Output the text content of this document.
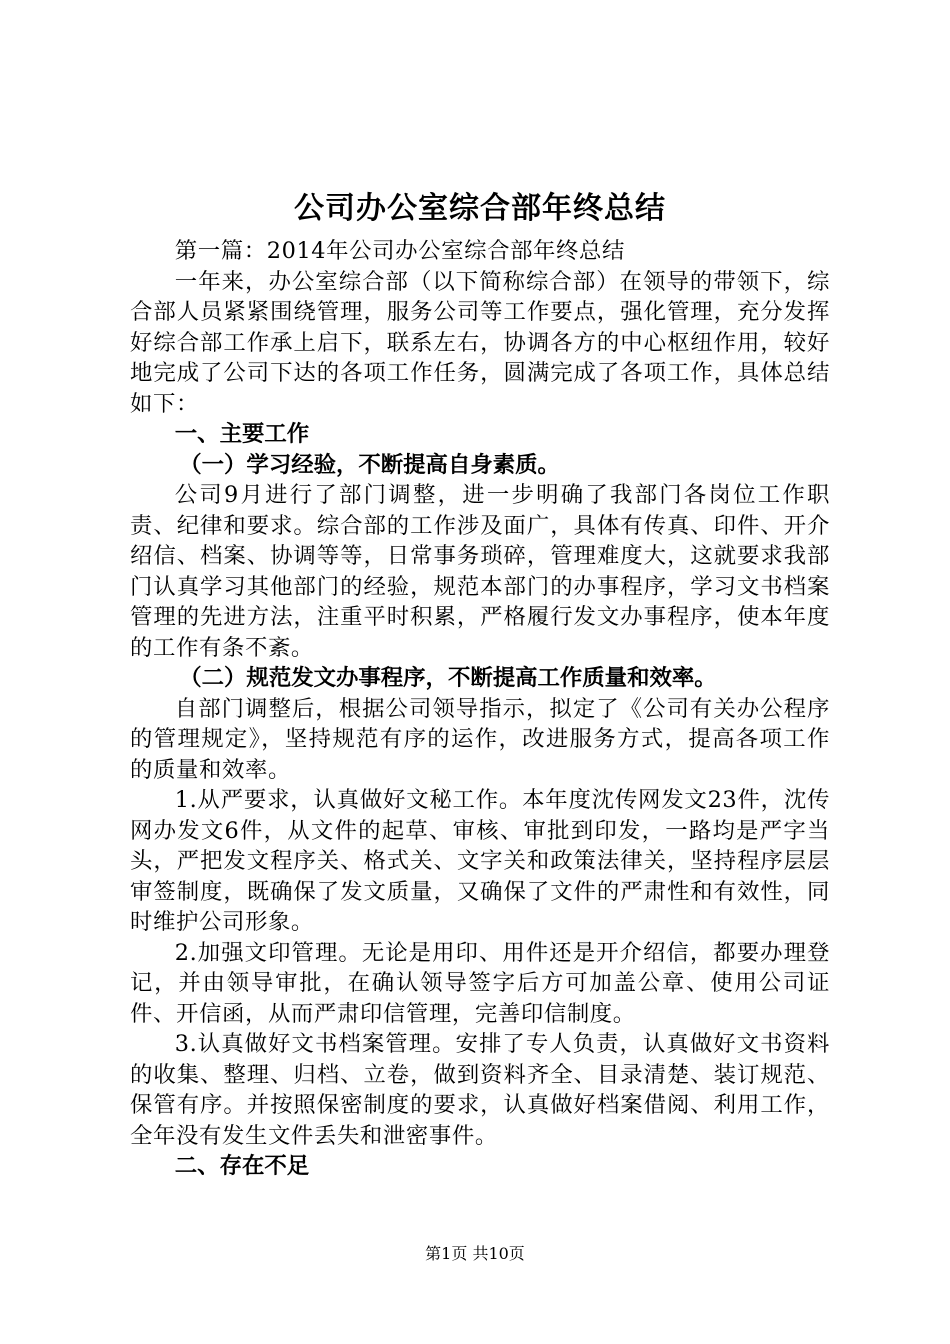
公司办公室综合部年终总结

第一篇：2014年公司办公室综合部年终总结

一年来，办公室综合部（以下简称综合部）在领导的带领下，综合部人员紧紧围绕管理，服务公司等工作要点，强化管理，充分发挥好综合部工作承上启下，联系左右，协调各方的中心枢纽作用，较好地完成了公司下达的各项工作任务，圆满完成了各项工作，具体总结如下：

一、主要工作

（一）学习经验，不断提高自身素质。

公司9月进行了部门调整，进一步明确了我部门各岗位工作职责、纪律和要求。综合部的工作涉及面广，具体有传真、印件、开介绍信、档案、协调等等，日常事务琐碎，管理难度大，这就要求我部门认真学习其他部门的经验，规范本部门的办事程序，学习文书档案管理的先进方法，注重平时积累，严格履行发文办事程序，使本年度的工作有条不紊。

（二）规范发文办事程序，不断提高工作质量和效率。

自部门调整后，根据公司领导指示，拟定了《公司有关办公程序的管理规定》，坚持规范有序的运作，改进服务方式，提高各项工作的质量和效率。

1.从严要求，认真做好文秘工作。本年度沈传网发文23件，沈传网办发文6件，从文件的起草、审核、审批到印发，一路均是严字当头，严把发文程序关、格式关、文字关和政策法律关，坚持程序层层审签制度，既确保了发文质量，又确保了文件的严肃性和有效性，同时维护公司形象。

2.加强文印管理。无论是用印、用件还是开介绍信，都要办理登记，并由领导审批，在确认领导签字后方可加盖公章、使用公司证件、开信函，从而严肃印信管理，完善印信制度。

3.认真做好文书档案管理。安排了专人负责，认真做好文书资料的收集、整理、归档、立卷，做到资料齐全、目录清楚、装订规范、保管有序。并按照保密制度的要求，认真做好档案借阅、利用工作，全年没有发生文件丢失和泄密事件。

二、存在不足

第1页 共10页
